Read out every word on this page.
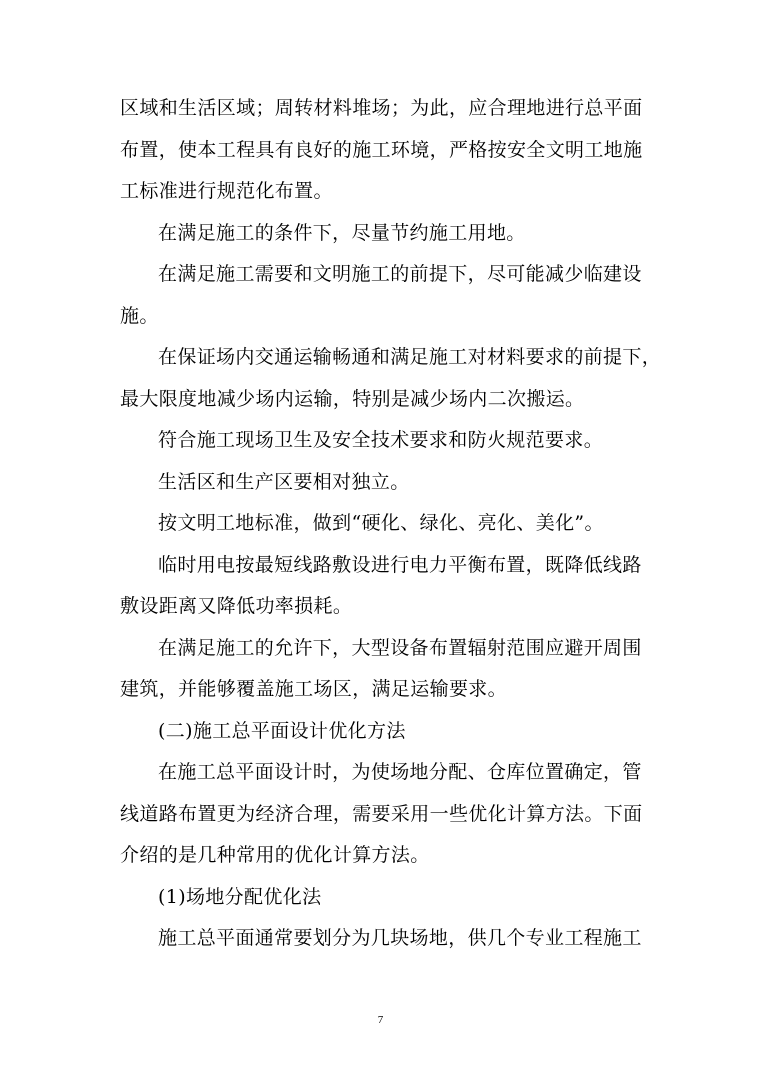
区域和生活区域；周转材料堆场；为此，应合理地进行总平面
布置，使本工程具有良好的施工环境，严格按安全文明工地施
工标准进行规范化布置。
在满足施工的条件下，尽量节约施工用地。
在满足施工需要和文明施工的前提下，尽可能减少临建设
施。
在保证场内交通运输畅通和满足施工对材料要求的前提下，
最大限度地减少场内运输，特别是减少场内二次搬运。
符合施工现场卫生及安全技术要求和防火规范要求。
生活区和生产区要相对独立。
按文明工地标准，做到“硬化、绿化、亮化、美化”。
临时用电按最短线路敷设进行电力平衡布置，既降低线路
敷设距离又降低功率损耗。
在满足施工的允许下，大型设备布置辐射范围应避开周围
建筑，并能够覆盖施工场区，满足运输要求。
(二)施工总平面设计优化方法
在施工总平面设计时，为使场地分配、仓库位置确定，管
线道路布置更为经济合理，需要采用一些优化计算方法。下面
介绍的是几种常用的优化计算方法。
(1)场地分配优化法
施工总平面通常要划分为几块场地，供几个专业工程施工
7
